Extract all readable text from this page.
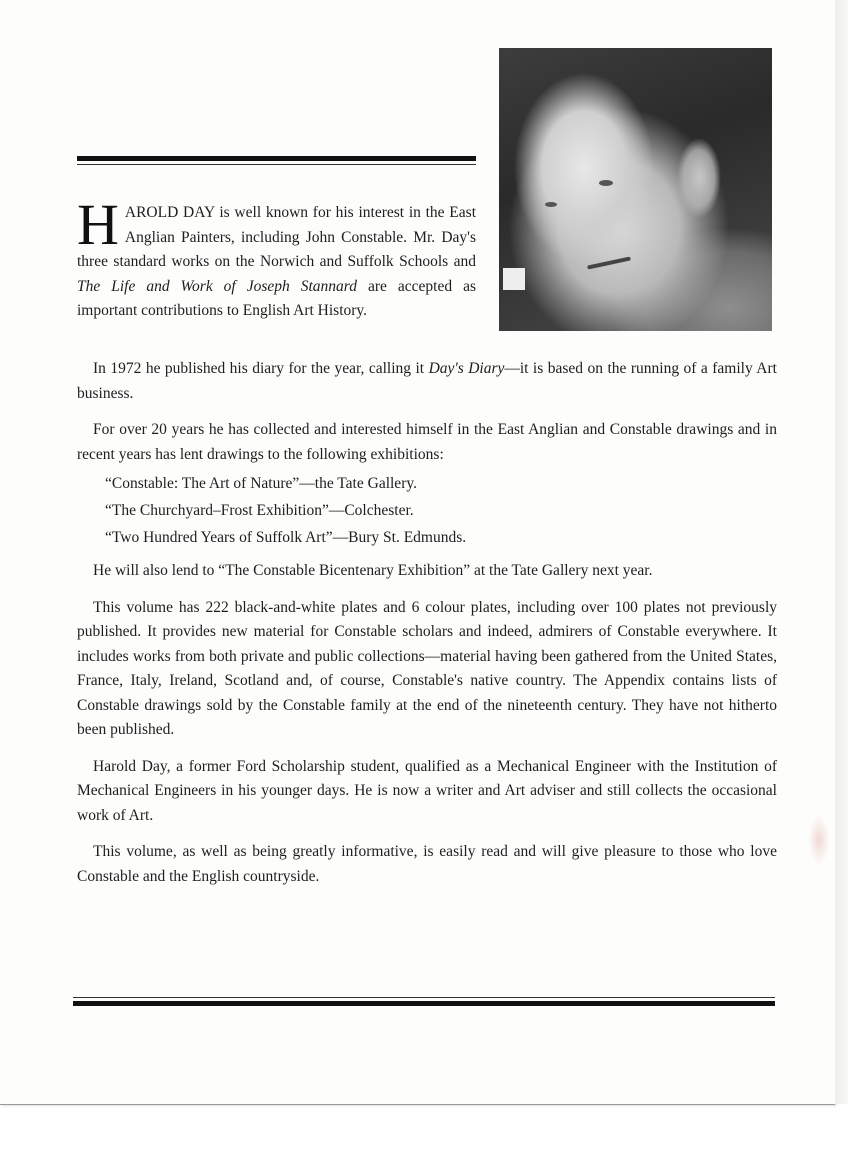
H AROLD DAY is well known for his interest in the East Anglian Painters, including John Constable. Mr. Day's three standard works on the Norwich and Suffolk Schools and The Life and Work of Joseph Stannard are accepted as important contributions to English Art History.

In 1972 he published his diary for the year, calling it Day's Diary—it is based on the running of a family Art business.

For over 20 years he has collected and interested himself in the East Anglian and Constable drawings and in recent years has lent drawings to the following exhibitions:

“Constable: The Art of Nature”—the Tate Gallery.
“The Churchyard–Frost Exhibition”—Colchester.
“Two Hundred Years of Suffolk Art”—Bury St. Edmunds.

He will also lend to “The Constable Bicentenary Exhibition” at the Tate Gallery next year.

This volume has 222 black-and-white plates and 6 colour plates, including over 100 plates not previously published. It provides new material for Constable scholars and indeed, admirers of Constable everywhere. It includes works from both private and public collections—material having been gathered from the United States, France, Italy, Ireland, Scotland and, of course, Constable's native country. The Appendix contains lists of Constable drawings sold by the Constable family at the end of the nineteenth century. They have not hitherto been published.

Harold Day, a former Ford Scholarship student, qualified as a Mechanical Engineer with the Institution of Mechanical Engineers in his younger days. He is now a writer and Art adviser and still collects the occasional work of Art.

This volume, as well as being greatly informative, is easily read and will give pleasure to those who love Constable and the English countryside.
